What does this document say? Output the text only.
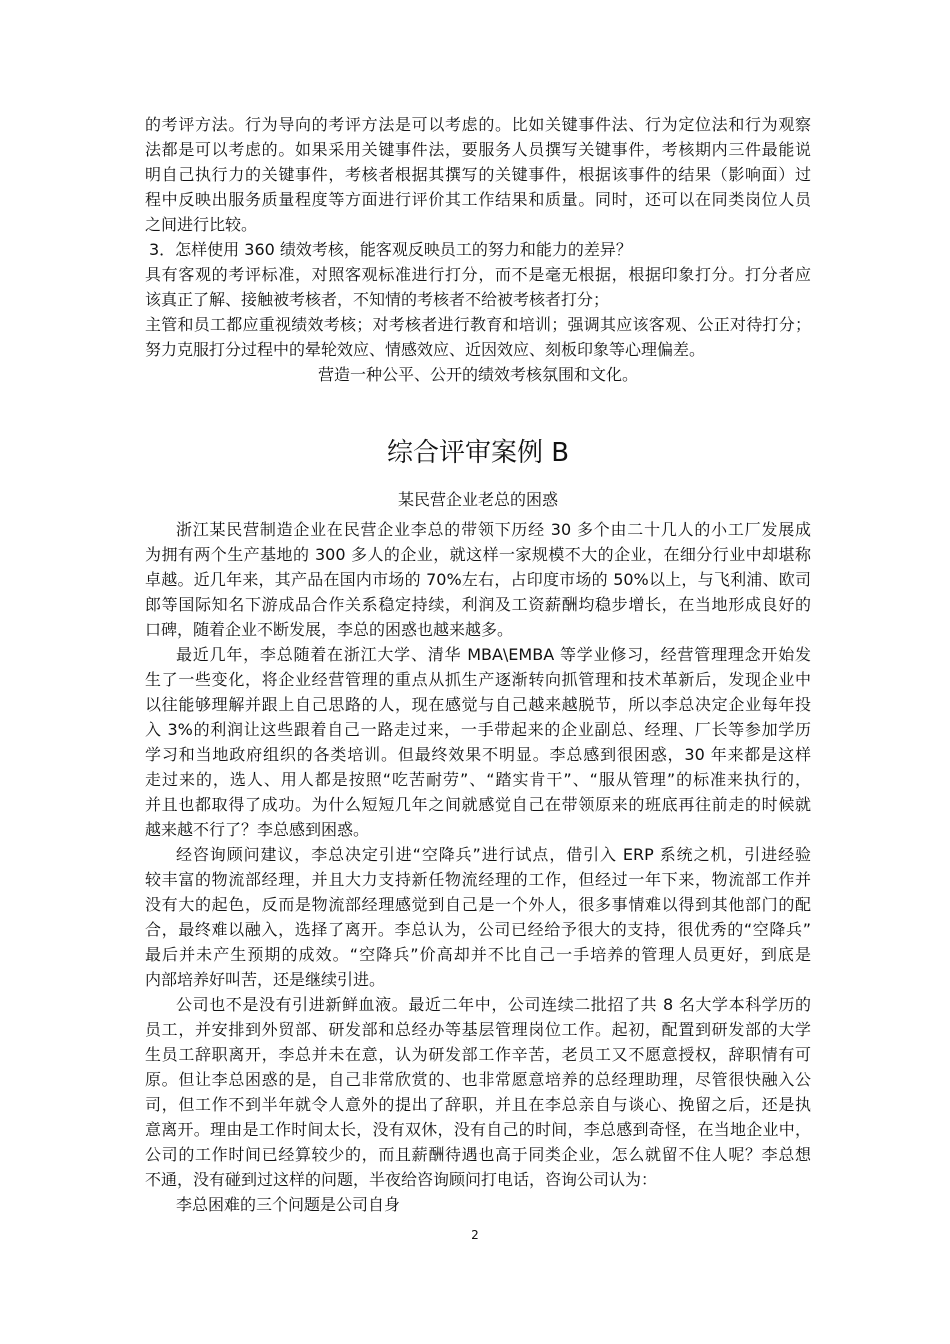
的考评方法。行为导向的考评方法是可以考虑的。比如关键事件法、行为定位法和行为观察
法都是可以考虑的。如果采用关键事件法，要服务人员撰写关键事件，考核期内三件最能说
明自己执行力的关键事件，考核者根据其撰写的关键事件，根据该事件的结果（影响面）过
程中反映出服务质量程度等方面进行评价其工作结果和质量。同时，还可以在同类岗位人员
之间进行比较。
3．怎样使用 360 绩效考核，能客观反映员工的努力和能力的差异？
具有客观的考评标准，对照客观标准进行打分，而不是毫无根据，根据印象打分。打分者应
该真正了解、接触被考核者，不知情的考核者不给被考核者打分；
主管和员工都应重视绩效考核；对考核者进行教育和培训；强调其应该客观、公正对待打分；
努力克服打分过程中的晕轮效应、情感效应、近因效应、刻板印象等心理偏差。
营造一种公平、公开的绩效考核氛围和文化。
综合评审案例 B
某民营企业老总的困惑
浙江某民营制造企业在民营企业李总的带领下历经 30 多个由二十几人的小工厂发展成
为拥有两个生产基地的 300 多人的企业，就这样一家规模不大的企业，在细分行业中却堪称
卓越。近几年来，其产品在国内市场的 70%左右，占印度市场的 50%以上，与飞利浦、欧司
郎等国际知名下游成品合作关系稳定持续，利润及工资薪酬均稳步增长，在当地形成良好的
口碑，随着企业不断发展，李总的困惑也越来越多。
最近几年，李总随着在浙江大学、清华 MBA\EMBA 等学业修习，经营管理理念开始发
生了一些变化，将企业经营管理的重点从抓生产逐渐转向抓管理和技术革新后，发现企业中
以往能够理解并跟上自己思路的人，现在感觉与自己越来越脱节，所以李总决定企业每年投
入 3%的利润让这些跟着自己一路走过来，一手带起来的企业副总、经理、厂长等参加学历
学习和当地政府组织的各类培训。但最终效果不明显。李总感到很困惑，30 年来都是这样
走过来的，选人、用人都是按照“吃苦耐劳”、“踏实肯干”、“服从管理”的标准来执行的，
并且也都取得了成功。为什么短短几年之间就感觉自己在带领原来的班底再往前走的时候就
越来越不行了？李总感到困惑。
经咨询顾问建议，李总决定引进“空降兵”进行试点，借引入 ERP 系统之机，引进经验
较丰富的物流部经理，并且大力支持新任物流经理的工作，但经过一年下来，物流部工作并
没有大的起色，反而是物流部经理感觉到自己是一个外人，很多事情难以得到其他部门的配
合，最终难以融入，选择了离开。李总认为，公司已经给予很大的支持，很优秀的“空降兵”
最后并未产生预期的成效。“空降兵”价高却并不比自己一手培养的管理人员更好，到底是
内部培养好叫苦，还是继续引进。
公司也不是没有引进新鲜血液。最近二年中，公司连续二批招了共 8 名大学本科学历的
员工，并安排到外贸部、研发部和总经办等基层管理岗位工作。起初，配置到研发部的大学
生员工辞职离开，李总并未在意，认为研发部工作辛苦，老员工又不愿意授权，辞职情有可
原。但让李总困惑的是，自己非常欣赏的、也非常愿意培养的总经理助理，尽管很快融入公
司，但工作不到半年就令人意外的提出了辞职，并且在李总亲自与谈心、挽留之后，还是执
意离开。理由是工作时间太长，没有双休，没有自己的时间，李总感到奇怪，在当地企业中，
公司的工作时间已经算较少的，而且薪酬待遇也高于同类企业，怎么就留不住人呢？李总想
不通，没有碰到过这样的问题，半夜给咨询顾问打电话，咨询公司认为：
李总困难的三个问题是公司自身
2
